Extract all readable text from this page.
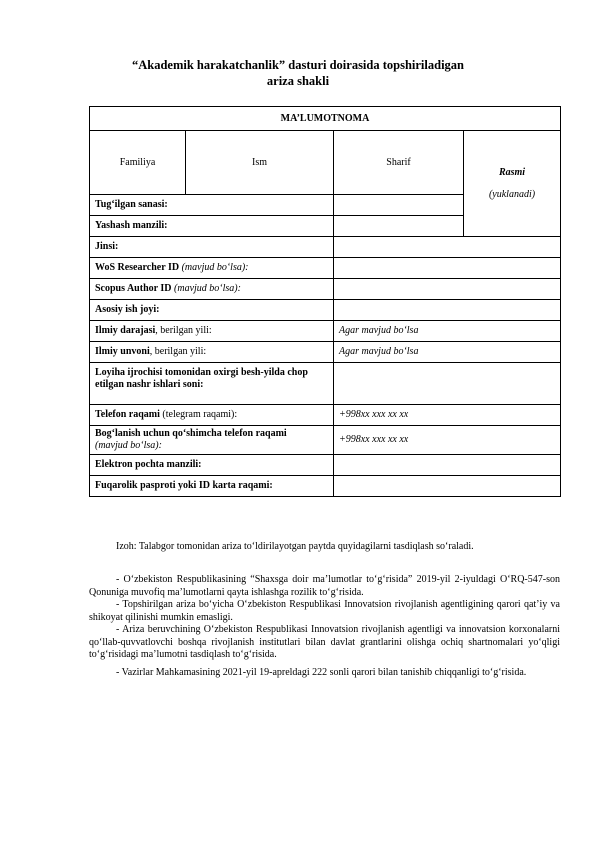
“Akademik harakatchanlik” dasturi doirasida topshiriladigan
ariza shakli
MA’LUMOTNOMA			
Familiya	Ism	Sharif	Rasmi
(yuklanadi)
Tug‘ilgan sanasi:			
Yashash manzili:			
Jinsi:			
WoS Researcher ID (mavjud bo‘lsa):			
Scopus Author ID (mavjud bo‘lsa):			
Asosiy ish joyi:			
Ilmiy darajasi, berilgan yili:		Agar mavjud bo‘lsa	
Ilmiy unvoni, berilgan yili:		Agar mavjud bo‘lsa	
Loyiha ijrochisi tomonidan oxirgi besh-yilda chop etilgan nashr ishlari soni:			
Telefon raqami (telegram raqami):		+998xx xxx xx xx	
Bog‘lanish uchun qo‘shimcha telefon raqami
(mavjud bo‘lsa):		+998xx xxx xx xx	
Elektron pochta manzili:			
Fuqarolik pasproti yoki ID karta raqami:			
Izoh: Talabgor tomonidan ariza to‘ldirilayotgan paytda quyidagilarni tasdiqlash so‘raladi.
- O‘zbekiston Respublikasining “Shaxsga doir ma’lumotlar to‘g‘risida” 2019-yil 2-iyuldagi O‘RQ-547-son Qonuniga muvofiq ma’lumotlarni qayta ishlashga rozilik to‘g‘risida.
- Topshirilgan ariza bo‘yicha O‘zbekiston Respublikasi Innovatsion rivojlanish agentligining qarori qat’iy va shikoyat qilinishi mumkin emasligi.
- Ariza beruvchining O‘zbekiston Respublikasi Innovatsion rivojlanish agentligi va innovatsion korxonalarni qo‘llab-quvvatlovchi boshqa rivojlanish institutlari bilan davlat grantlarini olishga ochiq shartnomalari yo‘qligi to‘g‘risidagi ma’lumotni tasdiqlash to‘g‘risida.
- Vazirlar Mahkamasining 2021-yil 19-apreldagi 222 sonli qarori bilan tanishib chiqqanligi to‘g‘risida.
